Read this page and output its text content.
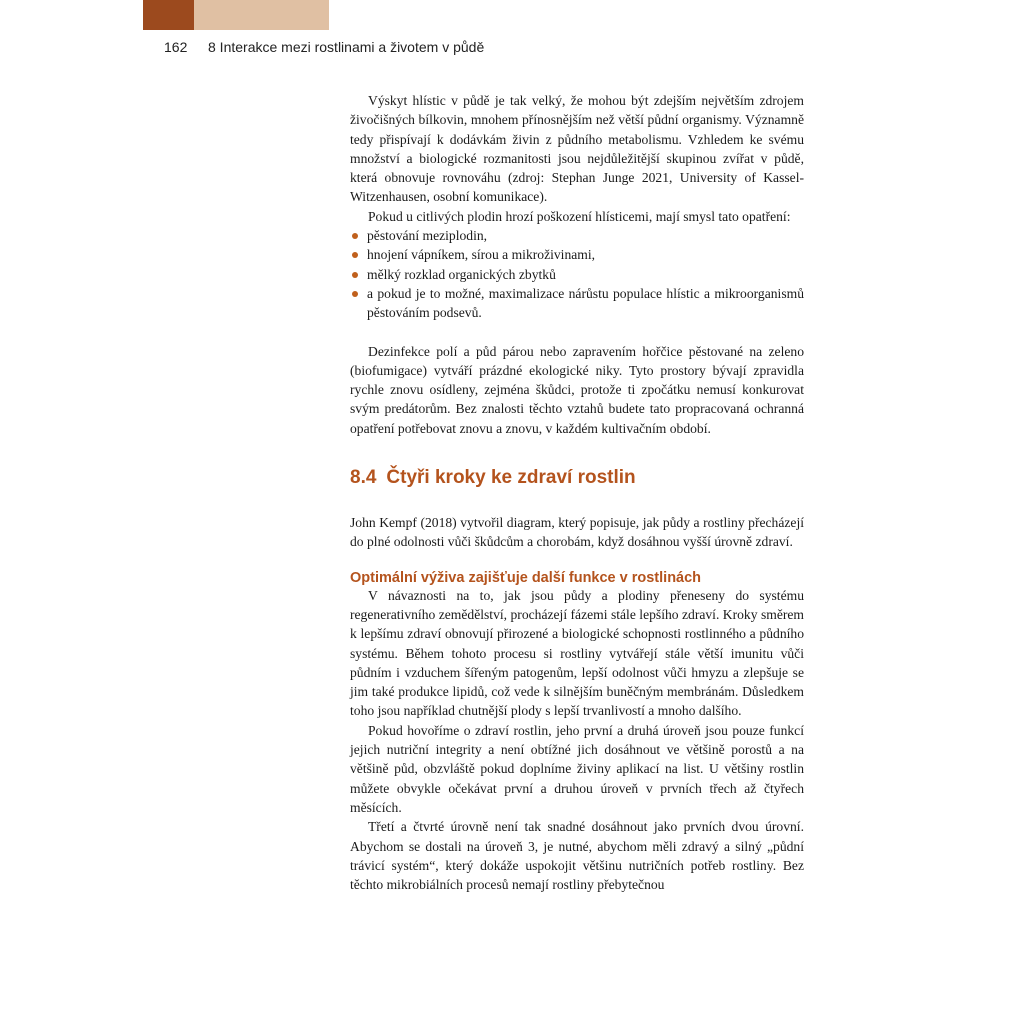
162 8 Interakce mezi rostlinami a životem v půdě

Výskyt hlístic v půdě je tak velký, že mohou být zdejším největším zdrojem živočišných bílkovin, mnohem přínosnějším než větší půdní organismy. Významně tedy přispívají k dodávkám živin z půdního metabolismu. Vzhledem ke svému množství a biologické rozmanitosti jsou nejdůležitější skupinou zvířat v půdě, která obnovuje rovnováhu (zdroj: Stephan Junge 2021, University of Kassel-Witzenhausen, osobní komunikace).

Pokud u citlivých plodin hrozí poškození hlísticemi, mají smysl tato opatření:

pěstování meziplodin,
hnojení vápníkem, sírou a mikroživinami,
mělký rozklad organických zbytků
a pokud je to možné, maximalizace nárůstu populace hlístic a mikroorganismů pěstováním podsevů.

Dezinfekce polí a půd párou nebo zapravením hořčice pěstované na zeleno (biofumigace) vytváří prázdné ekologické niky. Tyto prostory bývají zpravidla rychle znovu osídleny, zejména škůdci, protože ti zpočátku nemusí konkurovat svým predátorům. Bez znalosti těchto vztahů budete tato propracovaná ochranná opatření potřebovat znovu a znovu, v každém kultivačním období.

8.4 Čtyři kroky ke zdraví rostlin

John Kempf (2018) vytvořil diagram, který popisuje, jak půdy a rostliny přecházejí do plné odolnosti vůči škůdcům a chorobám, když dosáhnou vyšší úrovně zdraví.

Optimální výživa zajišťuje další funkce v rostlinách

V návaznosti na to, jak jsou půdy a plodiny přeneseny do systému regenerativního zemědělství, procházejí fázemi stále lepšího zdraví. Kroky směrem k lepšímu zdraví obnovují přirozené a biologické schopnosti rostlinného a půdního systému. Během tohoto procesu si rostliny vytvářejí stále větší imunitu vůči půdním i vzduchem šířeným patogenům, lepší odolnost vůči hmyzu a zlepšuje se jim také produkce lipidů, což vede k silnějším buněčným membránám. Důsledkem toho jsou například chutnější plody s lepší trvanlivostí a mnoho dalšího.

Pokud hovoříme o zdraví rostlin, jeho první a druhá úroveň jsou pouze funkcí jejich nutriční integrity a není obtížné jich dosáhnout ve většině porostů a na většině půd, obzvláště pokud doplníme živiny aplikací na list. U většiny rostlin můžete obvykle očekávat první a druhou úroveň v prvních třech až čtyřech měsících.

Třetí a čtvrté úrovně není tak snadné dosáhnout jako prvních dvou úrovní. Abychom se dostali na úroveň 3, je nutné, abychom měli zdravý a silný „půdní trávicí systém“, který dokáže uspokojit většinu nutričních potřeb rostliny. Bez těchto mikrobiálních procesů nemají rostliny přebytečnou
